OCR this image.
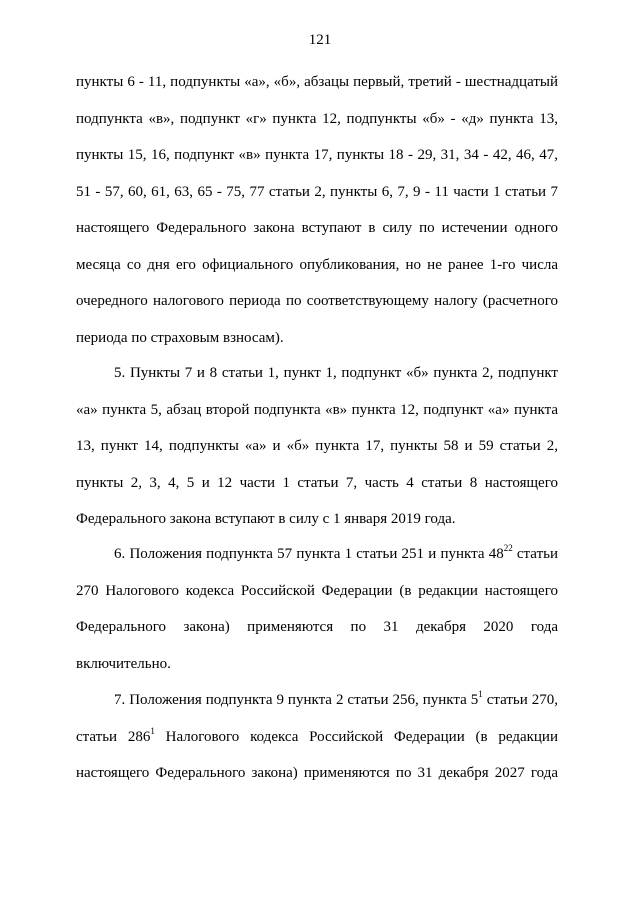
121
пункты 6 - 11, подпункты «а», «б», абзацы первый, третий - шестнадцатый
подпункта «в», подпункт «г» пункта 12, подпункты «б» - «д» пункта 13,
пункты 15, 16, подпункт «в» пункта 17, пункты 18 - 29, 31, 34 - 42, 46, 47,
51 - 57, 60, 61, 63, 65 - 75, 77 статьи 2, пункты 6, 7, 9 - 11 части 1 статьи 7
настоящего Федерального закона вступают в силу по истечении одного
месяца со дня его официального опубликования, но не ранее 1-го числа
очередного налогового периода по соответствующему налогу (расчетного
периода по страховым взносам).
5. Пункты 7 и 8 статьи 1, пункт 1, подпункт «б» пункта 2, подпункт
«а» пункта 5, абзац второй подпункта «в» пункта 12, подпункт «а» пункта
13, пункт 14, подпункты «а» и «б» пункта 17, пункты 58 и 59 статьи 2,
пункты 2, 3, 4, 5 и 12 части 1 статьи 7, часть 4 статьи 8 настоящего
Федерального закона вступают в силу с 1 января 2019 года.
6. Положения подпункта 57 пункта 1 статьи 251 и пункта $48^{22}$ статьи
270 Налогового кодекса Российской Федерации (в редакции настоящего
Федерального закона) применяются по 31 декабря 2020 года
включительно.
7. Положения подпункта 9 пункта 2 статьи 256, пункта $5^1$ статьи 270,
статьи $286^1$ Налогового кодекса Российской Федерации (в редакции
настоящего Федерального закона) применяются по 31 декабря 2027 года
